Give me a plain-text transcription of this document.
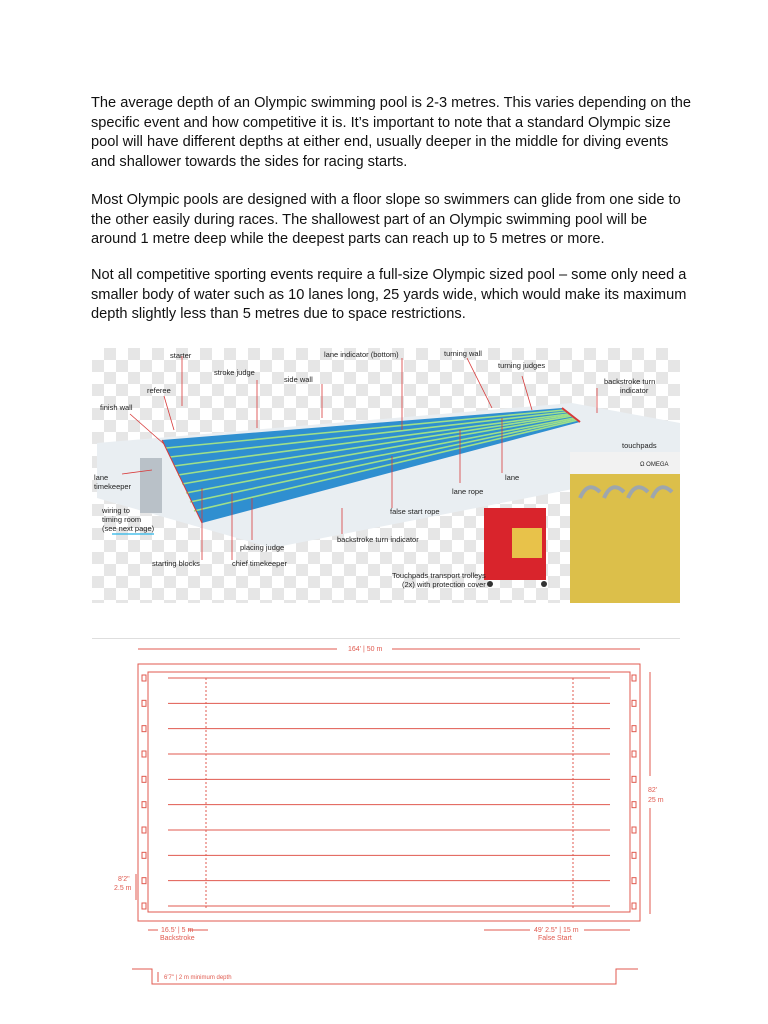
The average depth of an Olympic swimming pool is 2-3 metres. This varies depending on the specific event and how competitive it is. It’s important to note that a standard Olympic size pool will have different depths at either end, usually deeper in the middle for diving events and shallower towards the sides for racing starts.

Most Olympic pools are designed with a floor slope so swimmers can glide from one side to the other easily during races. The shallowest part of an Olympic swimming pool will be around 1 metre deep while the deepest parts can reach up to 5 metres or more.

Not all competitive sporting events require a full-size Olympic sized pool – some only need a smaller body of water such as 10 lanes long, 25 yards wide, which would make its maximum depth slightly less than 5 metres due to space restrictions.

Ω OMEGA
starter	lane indicator (bottom)	turning wall
turning judges
stroke judge
side wall
referee
finish wall
backstroke turn indicator
touchpads
lane
lane rope
lane timekeeper
wiring to timing room (see next page)
false start rope
backstroke turn indicator
placing judge
starting blocks	chief timekeeper
Touchpads transport trolleys (2x) with protection cover
164' | 50 m
82'
25 m
8'2"
2.5 m
16.5' | 5 m
Backstroke
49' 2.5" | 15 m
False Start
6'7" | 2 m minimum depth
